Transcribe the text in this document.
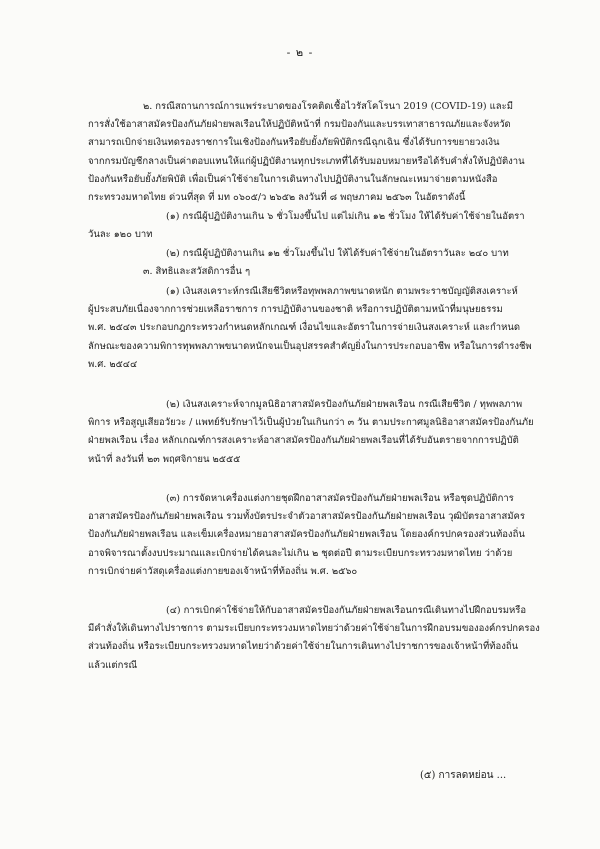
- ๒ -
๒. กรณีสถานการณ์การแพร่ระบาดของโรคติดเชื้อไวรัสโคโรนา 2019 (COVID-19) และมี
การสั่งใช้อาสาสมัครป้องกันภัยฝ่ายพลเรือนให้ปฏิบัติหน้าที่ กรมป้องกันและบรรเทาสาธารณภัยและจังหวัด
สามารถเบิกจ่ายเงินทดรองราชการในเชิงป้องกันหรือยับยั้งภัยพิบัติกรณีฉุกเฉิน ซึ่งได้รับการขยายวงเงิน
จากกรมบัญชีกลางเป็นค่าตอบแทนให้แก่ผู้ปฏิบัติงานทุกประเภทที่ได้รับมอบหมายหรือได้รับคำสั่งให้ปฏิบัติงาน
ป้องกันหรือยับยั้งภัยพิบัติ เพื่อเป็นค่าใช้จ่ายในการเดินทางไปปฏิบัติงานในลักษณะเหมาจ่ายตามหนังสือ
กระทรวงมหาดไทย ด่วนที่สุด ที่ มท ๐๖๐๕/ว ๒๖๕๒ ลงวันที่ ๘ พฤษภาคม ๒๕๖๓ ในอัตราดังนี้
(๑) กรณีผู้ปฏิบัติงานเกิน ๖ ชั่วโมงขึ้นไป แต่ไม่เกิน ๑๒ ชั่วโมง ให้ได้รับค่าใช้จ่ายในอัตรา
วันละ ๑๒๐ บาท
(๒) กรณีผู้ปฏิบัติงานเกิน ๑๒ ชั่วโมงขึ้นไป ให้ได้รับค่าใช้จ่ายในอัตราวันละ ๒๔๐ บาท
๓. สิทธิและสวัสดิการอื่น ๆ
(๑) เงินสงเคราะห์กรณีเสียชีวิตหรือทุพพลภาพขนาดหนัก ตามพระราชบัญญัติสงเคราะห์
ผู้ประสบภัยเนื่องจากการช่วยเหลือราชการ การปฏิบัติงานของชาติ หรือการปฏิบัติตามหน้าที่มนุษยธรรม
พ.ศ. ๒๕๔๓ ประกอบกฎกระทรวงกำหนดหลักเกณฑ์ เงื่อนไขและอัตราในการจ่ายเงินสงเคราะห์ และกำหนด
ลักษณะของความพิการทุพพลภาพขนาดหนักจนเป็นอุปสรรคสำคัญยิ่งในการประกอบอาชีพ หรือในการดำรงชีพ
พ.ศ. ๒๕๔๔
(๒) เงินสงเคราะห์จากมูลนิธิอาสาสมัครป้องกันภัยฝ่ายพลเรือน กรณีเสียชีวิต / ทุพพลภาพ
พิการ หรือสูญเสียอวัยวะ / แพทย์รับรักษาไว้เป็นผู้ป่วยในเกินกว่า ๓ วัน ตามประกาศมูลนิธิอาสาสมัครป้องกันภัย
ฝ่ายพลเรือน เรื่อง หลักเกณฑ์การสงเคราะห์อาสาสมัครป้องกันภัยฝ่ายพลเรือนที่ได้รับอันตรายจากการปฏิบัติ
หน้าที่ ลงวันที่ ๒๓ พฤศจิกายน ๒๕๕๕
(๓) การจัดหาเครื่องแต่งกายชุดฝึกอาสาสมัครป้องกันภัยฝ่ายพลเรือน หรือชุดปฏิบัติการ
อาสาสมัครป้องกันภัยฝ่ายพลเรือน รวมทั้งบัตรประจำตัวอาสาสมัครป้องกันภัยฝ่ายพลเรือน วุฒิบัตรอาสาสมัคร
ป้องกันภัยฝ่ายพลเรือน และเข็มเครื่องหมายอาสาสมัครป้องกันภัยฝ่ายพลเรือน โดยองค์กรปกครองส่วนท้องถิ่น
อาจพิจารณาตั้งงบประมาณและเบิกจ่ายได้คนละไม่เกิน ๒ ชุดต่อปี ตามระเบียบกระทรวงมหาดไทย ว่าด้วย
การเบิกจ่ายค่าวัสดุเครื่องแต่งกายของเจ้าหน้าที่ท้องถิ่น พ.ศ. ๒๕๖๐
(๔) การเบิกค่าใช้จ่ายให้กับอาสาสมัครป้องกันภัยฝ่ายพลเรือนกรณีเดินทางไปฝึกอบรมหรือ
มีคำสั่งให้เดินทางไปราชการ ตามระเบียบกระทรวงมหาดไทยว่าด้วยค่าใช้จ่ายในการฝึกอบรมขององค์กรปกครอง
ส่วนท้องถิ่น หรือระเบียบกระทรวงมหาดไทยว่าด้วยค่าใช้จ่ายในการเดินทางไปราชการของเจ้าหน้าที่ท้องถิ่น
แล้วแต่กรณี
(๕) การลดหย่อน ...
